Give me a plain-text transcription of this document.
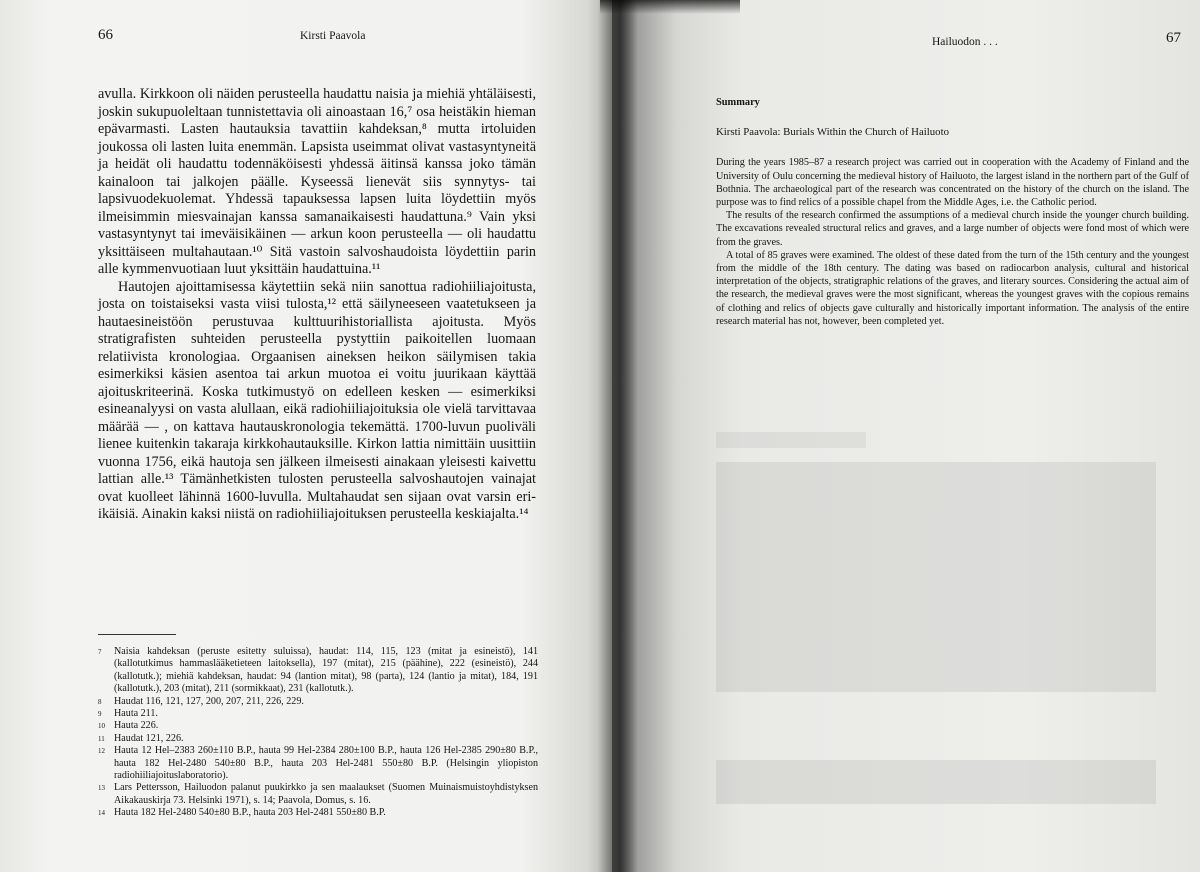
66	Kirsti Paavola

avulla. Kirkkoon oli näiden perusteella haudattu naisia ja miehiä yhtäläisesti, joskin sukupuoleltaan tunnistettavia oli ainoastaan 16,⁷ osa heistäkin hieman epävarmasti. Lasten hautauksia tavattiin kahdeksan,⁸ mutta irtoluiden joukossa oli lasten luita enemmän. Lapsista useimmat olivat vastasyntyneitä ja heidät oli haudattu todennäköisesti yhdessä äitinsä kanssa joko tämän kainaloon tai jalkojen päälle. Kyseessä lienevät siis synnytys- tai lapsivuodekuolemat. Yhdessä tapauksessa lapsen luita löydettiin myös ilmeisimmin miesvainajan kanssa samanaikaisesti haudattuna.⁹ Vain yksi vastasyntynyt tai imeväisikäinen — arkun koon perusteella — oli haudattu yksittäiseen multahautaan.¹⁰ Sitä vastoin salvoshaudoista löydettiin parin alle kymmenvuotiaan luut yksittäin haudattuina.¹¹

Hautojen ajoittamisessa käytettiin sekä niin sanottua radiohiiliajoitusta, josta on toistaiseksi vasta viisi tulosta,¹² että säilyneeseen vaatetukseen ja hautaesineistöön perustuvaa kulttuurihistoriallista ajoitusta. Myös stratigrafisten suhteiden perusteella pystyttiin paikoitellen luomaan relatiivista kronologiaa. Orgaanisen aineksen heikon säilymisen takia esimerkiksi käsien asentoa tai arkun muotoa ei voitu juurikaan käyttää ajoituskriteerinä. Koska tutkimustyö on edelleen kesken — esimerkiksi esineanalyysi on vasta alullaan, eikä radiohiiliajoituksia ole vielä tarvittavaa määrää — , on kattava hautauskronologia tekemättä. 1700-luvun puoliväli lienee kuitenkin takaraja kirkkohautauksille. Kirkon lattia nimittäin uusittiin vuonna 1756, eikä hautoja sen jälkeen ilmeisesti ainakaan yleisesti kaivettu lattian alle.¹³ Tämänhetkisten tulosten perusteella salvoshautojen vainajat ovat kuolleet lähinnä 1600-luvulla. Multahaudat sen sijaan ovat varsin eri-ikäisiä. Ainakin kaksi niistä on radiohiiliajoituksen perusteella keskiajalta.¹⁴

7 Naisia kahdeksan (peruste esitetty suluissa), haudat: 114, 115, 123 (mitat ja esineistö), 141 (kallotutkimus hammaslääketieteen laitoksella), 197 (mitat), 215 (päähine), 222 (esineistö), 244 (kallotutk.); miehiä kahdeksan, haudat: 94 (lantion mitat), 98 (parta), 124 (lantio ja mitat), 184, 191 (kallotutk.), 203 (mitat), 211 (sormikkaat), 231 (kallotutk.).

8 Haudat 116, 121, 127, 200, 207, 211, 226, 229.

9 Hauta 211.

10 Hauta 226.

11 Haudat 121, 226.

12 Hauta 12 Hel–2383 260±110 B.P., hauta 99 Hel-2384 280±100 B.P., hauta 126 Hel-2385 290±80 B.P., hauta 182 Hel-2480 540±80 B.P., hauta 203 Hel-2481 550±80 B.P. (Helsingin yliopiston radiohiiliajoituslaboratorio).

13 Lars Pettersson, Hailuodon palanut puukirkko ja sen maalaukset (Suomen Muinaismuistoyhdistyksen Aikakauskirja 73. Helsinki 1971), s. 14; Paavola, Domus, s. 16.

14 Hauta 182 Hel-2480 540±80 B.P., hauta 203 Hel-2481 550±80 B.P.

Hailuodon . . .	67

Summary

Kirsti Paavola: Burials Within the Church of Hailuoto

During the years 1985–87 a research project was carried out in cooperation with the Academy of Finland and the University of Oulu concerning the medieval history of Hailuoto, the largest island in the northern part of the Gulf of Bothnia. The archaeological part of the research was concentrated on the history of the church on the island. The purpose was to find relics of a possible chapel from the Middle Ages, i.e. the Catholic period.

The results of the research confirmed the assumptions of a medieval church inside the younger church building. The excavations revealed structural relics and graves, and a large number of objects were fond most of which were from the graves.

A total of 85 graves were examined. The oldest of these dated from the turn of the 15th century and the youngest from the middle of the 18th century. The dating was based on radiocarbon analysis, cultural and historical interpretation of the objects, stratigraphic relations of the graves, and literary sources. Considering the actual aim of the research, the medieval graves were the most significant, whereas the youngest graves with the copious remains of clothing and relics of objects gave culturally and historically important information. The analysis of the entire research material has not, however, been completed yet.
